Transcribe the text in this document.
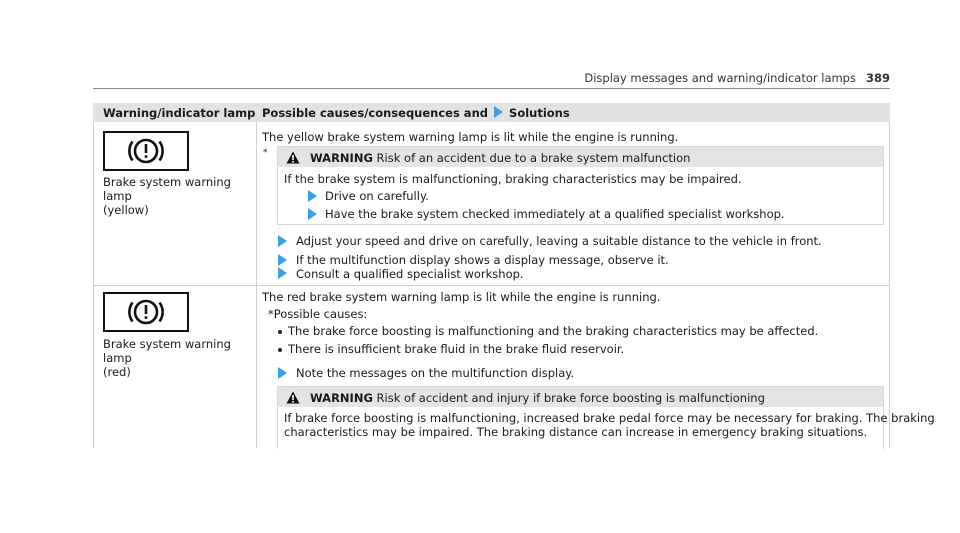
Display messages and warning/indicator lamps 389
Warning/indicator lamp Possible causes/consequences and Solutions
Brake system warning lamp
(yellow)
The yellow brake system warning lamp is lit while the engine is running.
*	WARNING Risk of an accident due to a brake system malfunction
If the brake system is malfunctioning, braking characteristics may be impaired.
Drive on carefully.
Have the brake system checked immediately at a qualified specialist workshop.
Adjust your speed and drive on carefully, leaving a suitable distance to the vehicle in front.
If the multifunction display shows a display message, observe it.
Consult a qualified specialist workshop.
Brake system warning lamp
(red)
The red brake system warning lamp is lit while the engine is running.
*Possible causes:
The brake force boosting is malfunctioning and the braking characteristics may be affected.
There is insufficient brake fluid in the brake fluid reservoir.
Note the messages on the multifunction display.
WARNING Risk of accident and injury if brake force boosting is malfunctioning
If brake force boosting is malfunctioning, increased brake pedal force may be necessary for braking. The braking
characteristics may be impaired. The braking distance can increase in emergency braking situations.
